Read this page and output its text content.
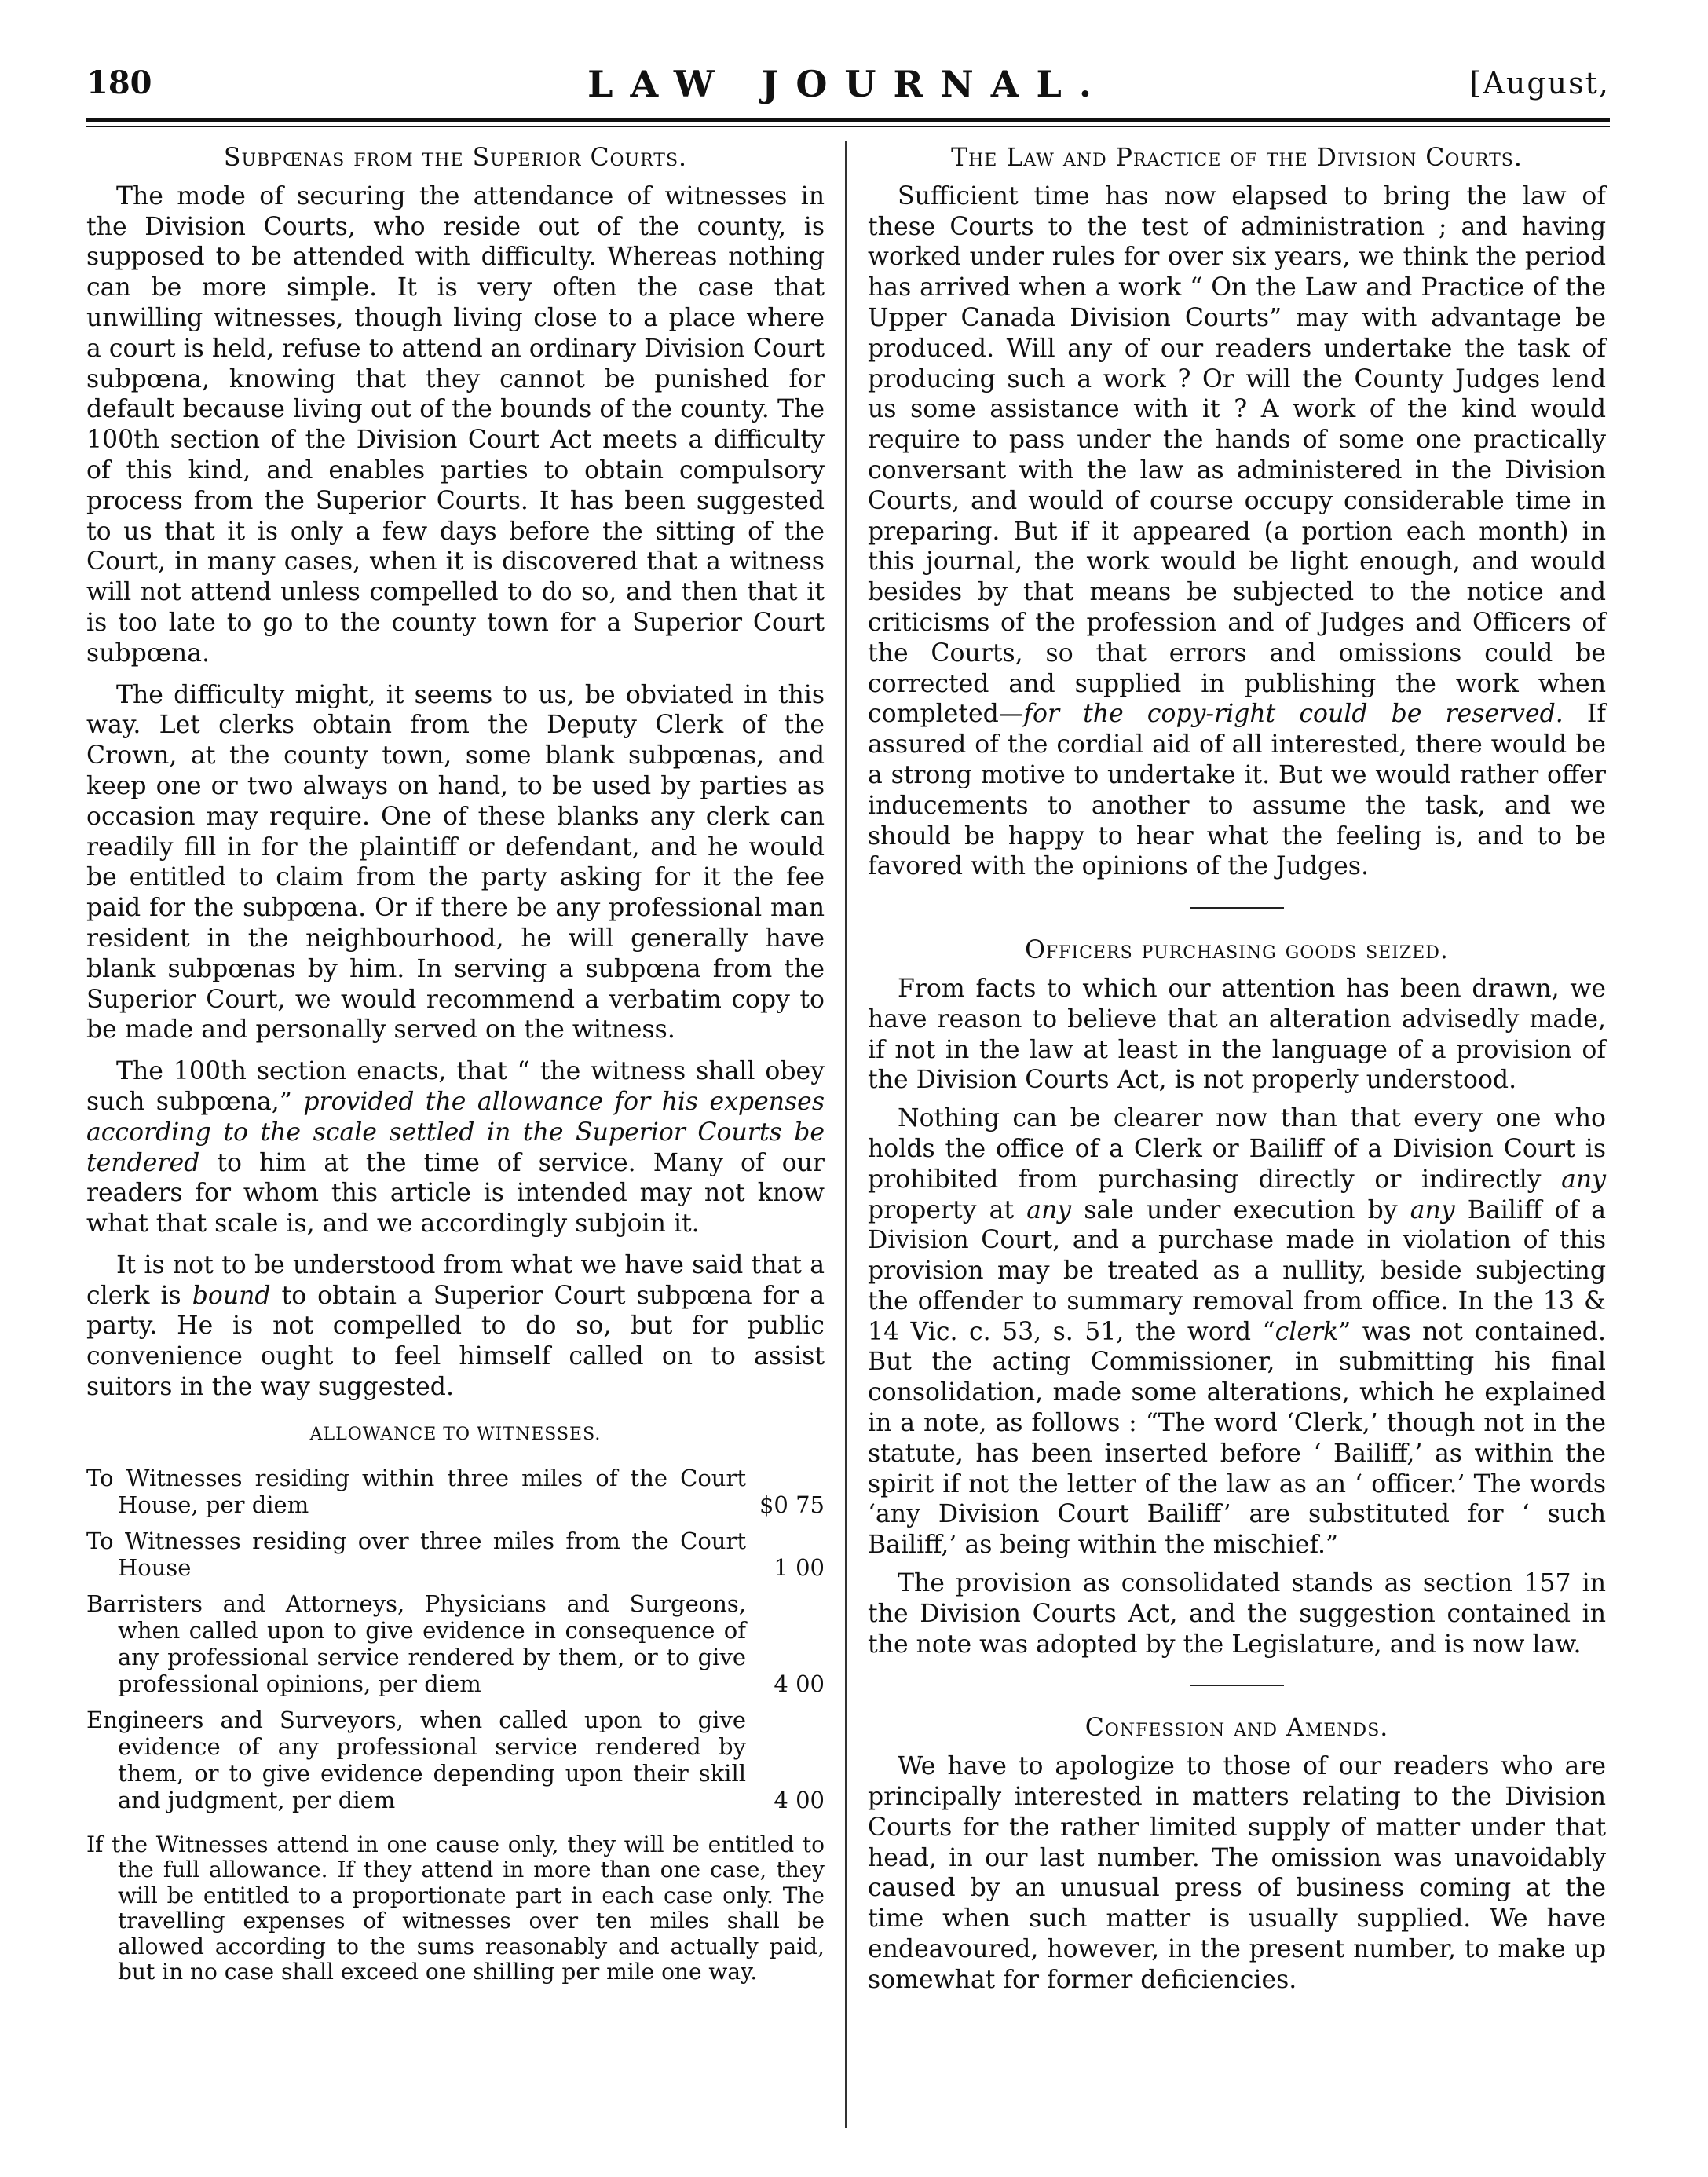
180	LAW JOURNAL.	[August,
Subpœnas from the Superior Courts.

The mode of securing the attendance of witnesses in the Division Courts, who reside out of the county, is supposed to be attended with difficulty. Whereas nothing can be more simple. It is very often the case that unwilling witnesses, though living close to a place where a court is held, refuse to attend an ordinary Division Court subpœna, knowing that they cannot be punished for default because living out of the bounds of the county. The 100th section of the Division Court Act meets a difficulty of this kind, and enables parties to obtain compulsory process from the Superior Courts. It has been suggested to us that it is only a few days before the sitting of the Court, in many cases, when it is discovered that a witness will not attend unless compelled to do so, and then that it is too late to go to the county town for a Superior Court subpœna.

The difficulty might, it seems to us, be obviated in this way. Let clerks obtain from the Deputy Clerk of the Crown, at the county town, some blank subpœnas, and keep one or two always on hand, to be used by parties as occasion may require. One of these blanks any clerk can readily fill in for the plaintiff or defendant, and he would be entitled to claim from the party asking for it the fee paid for the subpœna. Or if there be any professional man resident in the neighbourhood, he will generally have blank subpœnas by him. In serving a subpœna from the Superior Court, we would recommend a verbatim copy to be made and personally served on the witness.

The 100th section enacts, that “ the witness shall obey such subpœna,” provided the allowance for his expenses according to the scale settled in the Superior Courts be tendered to him at the time of service. Many of our readers for whom this article is intended may not know what that scale is, and we accordingly subjoin it.

It is not to be understood from what we have said that a clerk is bound to obtain a Superior Court subpœna for a party. He is not compelled to do so, but for public convenience ought to feel himself called on to assist suitors in the way suggested.

ALLOWANCE TO WITNESSES.
To Witnesses residing within three miles of the Court House, per diem	$0 75

To Witnesses residing over three miles from the Court House	1 00

Barristers and Attorneys, Physicians and Surgeons, when called upon to give evidence in consequence of any professional service rendered by them, or to give professional opinions, per diem	4 00

Engineers and Surveyors, when called upon to give evidence of any professional service rendered by them, or to give evidence depending upon their skill and judgment, per diem	4 00
If the Witnesses attend in one cause only, they will be entitled to the full allowance. If they attend in more than one case, they will be entitled to a proportionate part in each case only. The travelling expenses of witnesses over ten miles shall be allowed according to the sums reasonably and actually paid, but in no case shall exceed one shilling per mile one way.
The Law and Practice of the Division Courts.

Sufficient time has now elapsed to bring the law of these Courts to the test of administration ; and having worked under rules for over six years, we think the period has arrived when a work “ On the Law and Practice of the Upper Canada Division Courts” may with advantage be produced. Will any of our readers undertake the task of producing such a work ? Or will the County Judges lend us some assistance with it ? A work of the kind would require to pass under the hands of some one practically conversant with the law as administered in the Division Courts, and would of course occupy considerable time in preparing. But if it appeared (a portion each month) in this journal, the work would be light enough, and would besides by that means be subjected to the notice and criticisms of the profession and of Judges and Officers of the Courts, so that errors and omissions could be corrected and supplied in publishing the work when completed—for the copy-right could be reserved. If assured of the cordial aid of all interested, there would be a strong motive to undertake it. But we would rather offer inducements to another to assume the task, and we should be happy to hear what the feeling is, and to be favored with the opinions of the Judges.

Officers purchasing goods seized.

From facts to which our attention has been drawn, we have reason to believe that an alteration advisedly made, if not in the law at least in the language of a provision of the Division Courts Act, is not properly understood.

Nothing can be clearer now than that every one who holds the office of a Clerk or Bailiff of a Division Court is prohibited from purchasing directly or indirectly any property at any sale under execution by any Bailiff of a Division Court, and a purchase made in violation of this provision may be treated as a nullity, beside subjecting the offender to summary removal from office. In the 13 & 14 Vic. c. 53, s. 51, the word “clerk” was not contained. But the acting Commissioner, in submitting his final consolidation, made some alterations, which he explained in a note, as follows : “The word ‘Clerk,’ though not in the statute, has been inserted before ‘ Bailiff,’ as within the spirit if not the letter of the law as an ‘ officer.’ The words ‘any Division Court Bailiff’ are substituted for ‘ such Bailiff,’ as being within the mischief.”

The provision as consolidated stands as section 157 in the Division Courts Act, and the suggestion contained in the note was adopted by the Legislature, and is now law.

Confession and Amends.

We have to apologize to those of our readers who are principally interested in matters relating to the Division Courts for the rather limited supply of matter under that head, in our last number. The omission was unavoidably caused by an unusual press of business coming at the time when such matter is usually supplied. We have endeavoured, however, in the present number, to make up somewhat for former deficiencies.
